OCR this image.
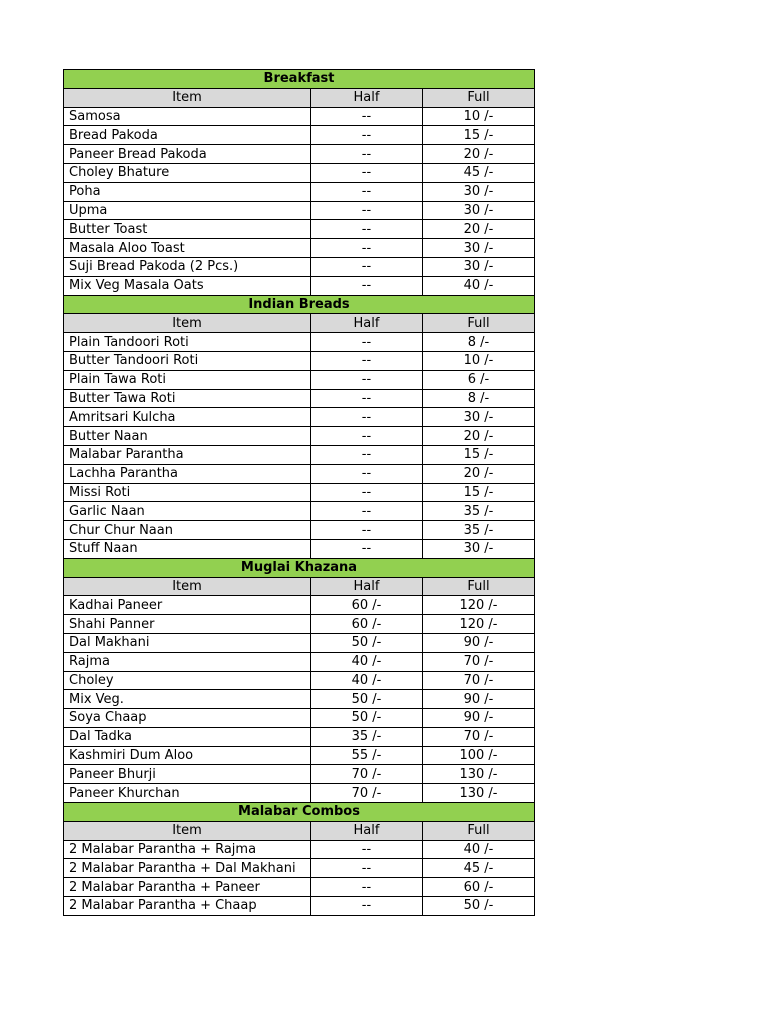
Breakfast		
Item	Half	Full
Samosa	--	10 /-
Bread Pakoda	--	15 /-
Paneer Bread Pakoda	--	20 /-
Choley Bhature	--	45 /-
Poha	--	30 /-
Upma	--	30 /-
Butter Toast	--	20 /-
Masala Aloo Toast	--	30 /-
Suji Bread Pakoda (2 Pcs.)	--	30 /-
Mix Veg Masala Oats	--	40 /-
Indian Breads		
Item	Half	Full
Plain Tandoori Roti	--	8 /-
Butter Tandoori Roti	--	10 /-
Plain Tawa Roti	--	6 /-
Butter Tawa Roti	--	8 /-
Amritsari Kulcha	--	30 /-
Butter Naan	--	20 /-
Malabar Parantha	--	15 /-
Lachha Parantha	--	20 /-
Missi Roti	--	15 /-
Garlic Naan	--	35 /-
Chur Chur Naan	--	35 /-
Stuff Naan	--	30 /-
Muglai Khazana		
Item	Half	Full
Kadhai Paneer	60 /-	120 /-
Shahi Panner	60 /-	120 /-
Dal Makhani	50 /-	90 /-
Rajma	40 /-	70 /-
Choley	40 /-	70 /-
Mix Veg.	50 /-	90 /-
Soya Chaap	50 /-	90 /-
Dal Tadka	35 /-	70 /-
Kashmiri Dum Aloo	55 /-	100 /-
Paneer Bhurji	70 /-	130 /-
Paneer Khurchan	70 /-	130 /-
Malabar Combos		
Item	Half	Full
2 Malabar Parantha + Rajma	--	40 /-
2 Malabar Parantha + Dal Makhani	--	45 /-
2 Malabar Parantha + Paneer	--	60 /-
2 Malabar Parantha + Chaap	--	50 /-
